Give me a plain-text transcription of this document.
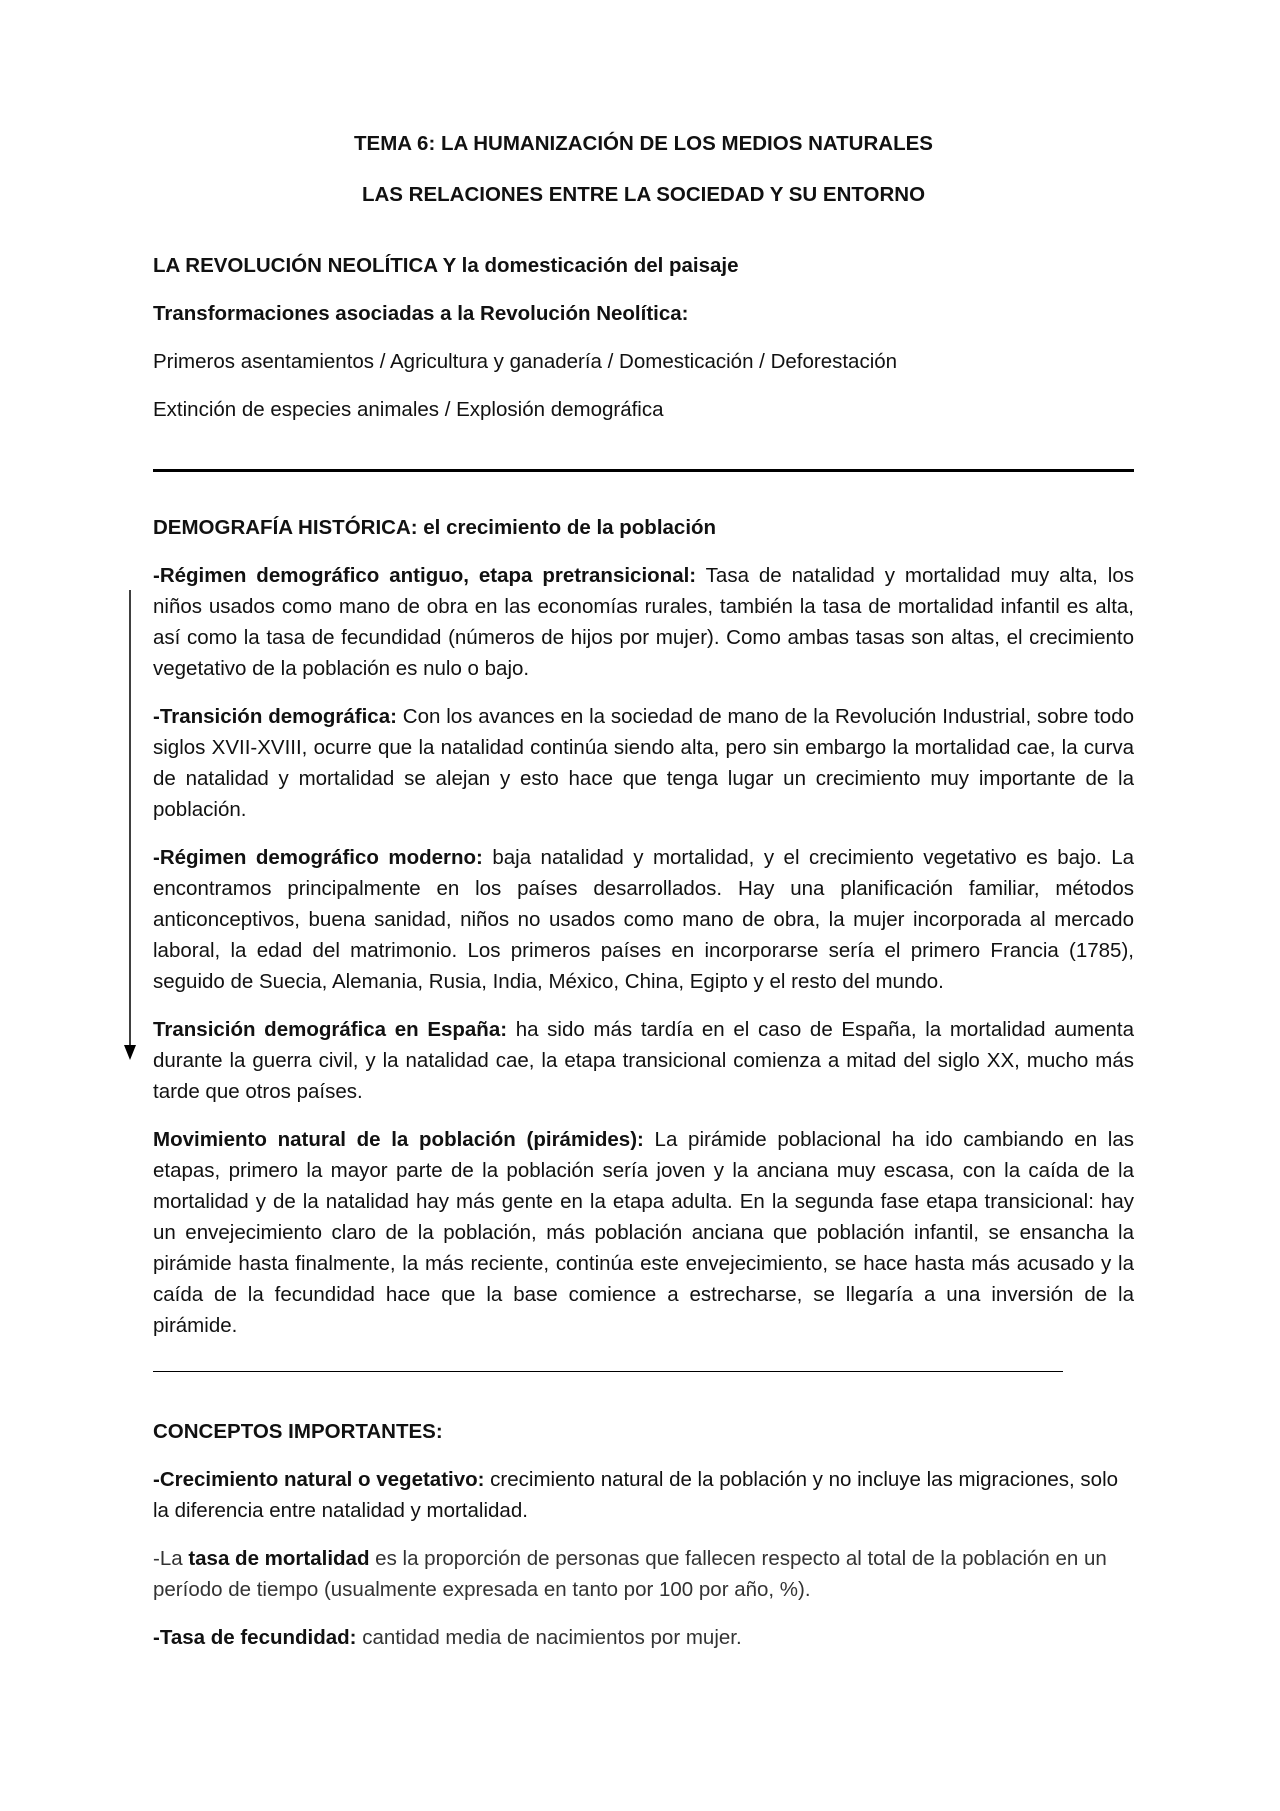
TEMA 6: LA HUMANIZACIÓN DE LOS MEDIOS NATURALES

LAS RELACIONES ENTRE LA SOCIEDAD Y SU ENTORNO

LA REVOLUCIÓN NEOLÍTICA Y la domesticación del paisaje

Transformaciones asociadas a la Revolución Neolítica:

Primeros asentamientos / Agricultura y ganadería / Domesticación / Deforestación

Extinción de especies animales / Explosión demográfica

DEMOGRAFÍA HISTÓRICA: el crecimiento de la población

-Régimen demográfico antiguo, etapa pretransicional: Tasa de natalidad y mortalidad muy alta, los niños usados como mano de obra en las economías rurales, también la tasa de mortalidad infantil es alta, así como la tasa de fecundidad (números de hijos por mujer). Como ambas tasas son altas, el crecimiento vegetativo de la población es nulo o bajo.

-Transición demográfica: Con los avances en la sociedad de mano de la Revolución Industrial, sobre todo siglos XVII-XVIII, ocurre que la natalidad continúa siendo alta, pero sin embargo la mortalidad cae, la curva de natalidad y mortalidad se alejan y esto hace que tenga lugar un crecimiento muy importante de la población.

-Régimen demográfico moderno: baja natalidad y mortalidad, y el crecimiento vegetativo es bajo. La encontramos principalmente en los países desarrollados. Hay una planificación familiar, métodos anticonceptivos, buena sanidad, niños no usados como mano de obra, la mujer incorporada al mercado laboral, la edad del matrimonio. Los primeros países en incorporarse sería el primero Francia (1785), seguido de Suecia, Alemania, Rusia, India, México, China, Egipto y el resto del mundo.

Transición demográfica en España: ha sido más tardía en el caso de España, la mortalidad aumenta durante la guerra civil, y la natalidad cae, la etapa transicional comienza a mitad del siglo XX, mucho más tarde que otros países.

Movimiento natural de la población (pirámides): La pirámide poblacional ha ido cambiando en las etapas, primero la mayor parte de la población sería joven y la anciana muy escasa, con la caída de la mortalidad y de la natalidad hay más gente en la etapa adulta. En la segunda fase etapa transicional: hay un envejecimiento claro de la población, más población anciana que población infantil, se ensancha la pirámide hasta finalmente, la más reciente, continúa este envejecimiento, se hace hasta más acusado y la caída de la fecundidad hace que la base comience a estrecharse, se llegaría a una inversión de la pirámide.

CONCEPTOS IMPORTANTES:

-Crecimiento natural o vegetativo: crecimiento natural de la población y no incluye las migraciones, solo la diferencia entre natalidad y mortalidad.

-La tasa de mortalidad es la proporción de personas que fallecen respecto al total de la población en un período de tiempo (usualmente expresada en tanto por 100 por año, %).

-Tasa de fecundidad: cantidad media de nacimientos por mujer.
